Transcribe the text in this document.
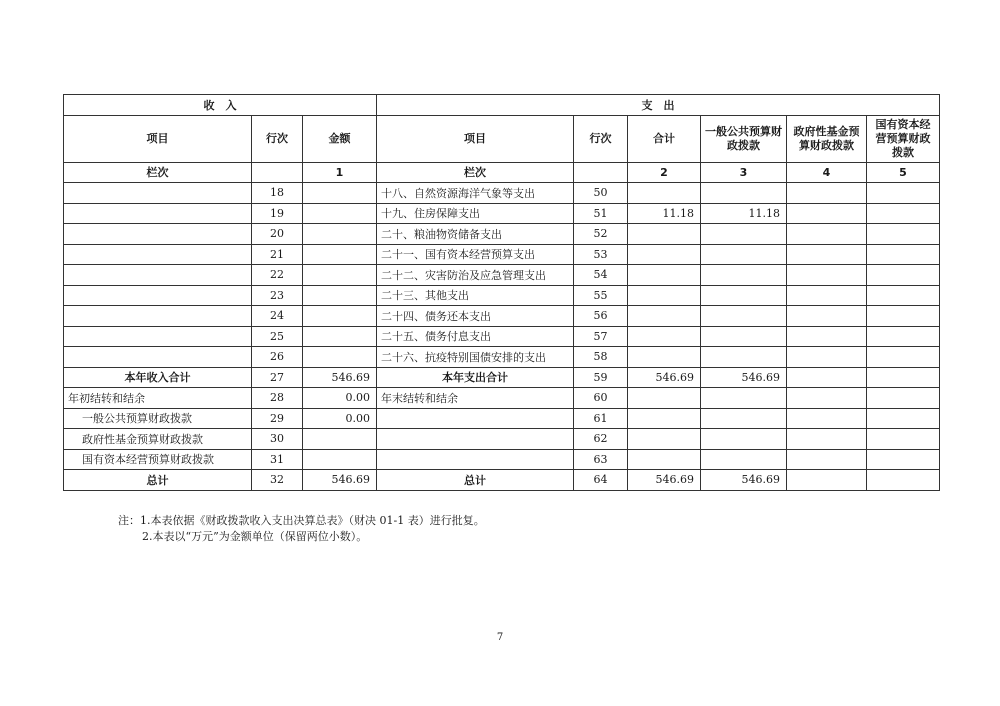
收　入			支　出					
项目	行次	金额	项目	行次	合计	一般公共预算财政拨款	政府性基金预算财政拨款	国有资本经营预算财政拨款
栏次		1	栏次		2	3	4	5
	18		十八、自然资源海洋气象等支出	50				
	19		十九、住房保障支出	51	11.18	11.18		
	20		二十、粮油物资储备支出	52				
	21		二十一、国有资本经营预算支出	53				
	22		二十二、灾害防治及应急管理支出	54				
	23		二十三、其他支出	55				
	24		二十四、债务还本支出	56				
	25		二十五、债务付息支出	57				
	26		二十六、抗疫特别国债安排的支出	58				
本年收入合计	27	546.69	本年支出合计	59	546.69	546.69		
年初结转和结余	28	0.00	年末结转和结余	60				
一般公共预算财政拨款	29	0.00		61				
政府性基金预算财政拨款	30			62				
国有资本经营预算财政拨款	31			63				
总计	32	546.69	总计	64	546.69	546.69		
注：1.本表依据《财政拨款收入支出决算总表》（财决 01-1 表）进行批复。
2.本表以“万元”为金额单位（保留两位小数）。
7
